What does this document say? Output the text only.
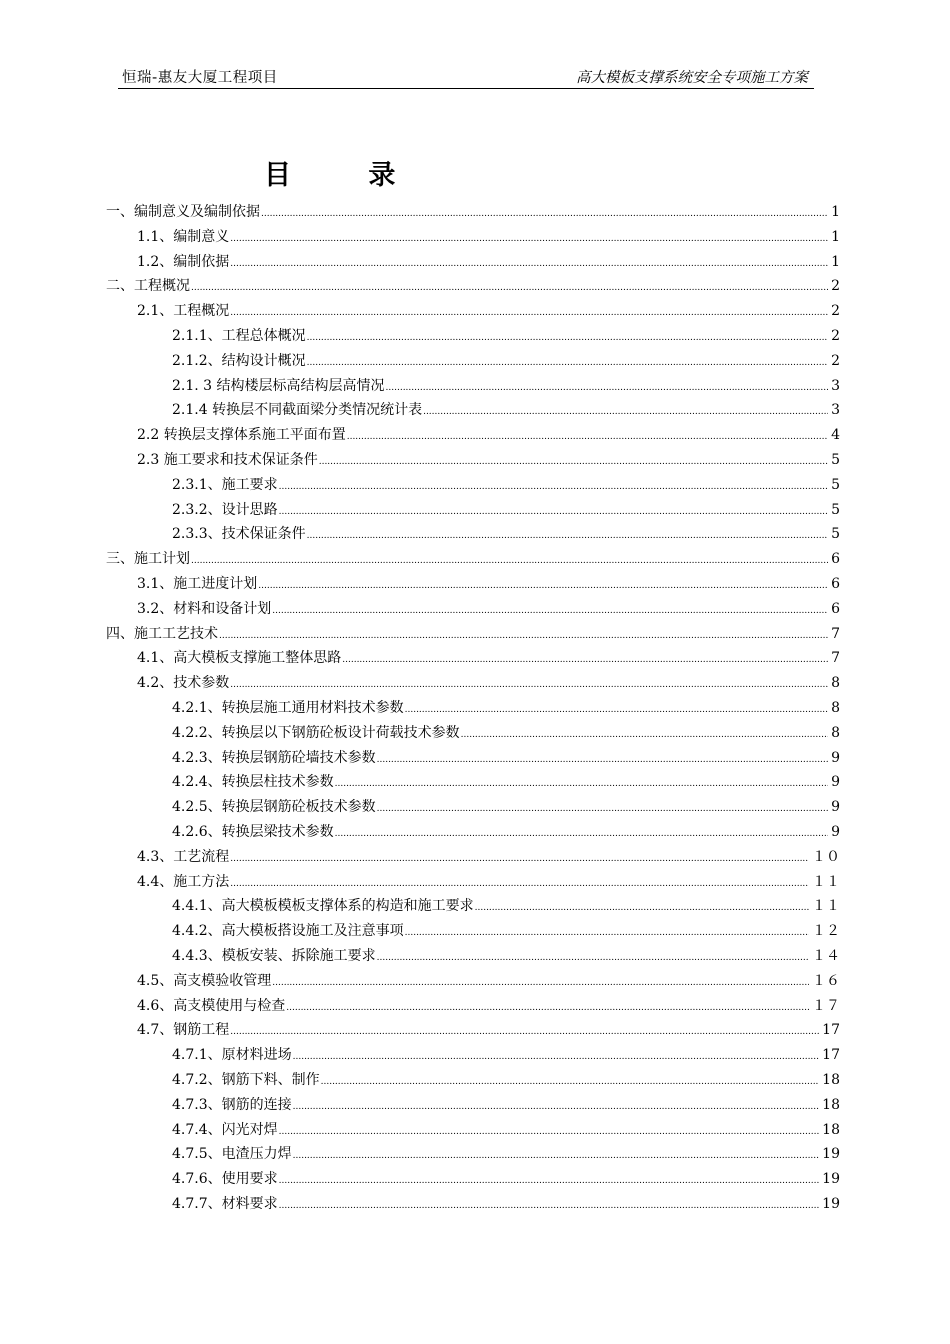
恒瑞-惠友大厦工程项目	高大模板支撑系统安全专项施工方案
目 录
一、编制意义及编制依据 .....	1
1.1、编制意义 .....	1
1.2、编制依据 .....	1
二、工程概况 .....	2
2.1、工程概况 .....	2
2.1.1、工程总体概况 .....	2
2.1.2、结构设计概况 .....	2
2.1. 3 结构楼层标高结构层高情况 .....	3
2.1.4 转换层不同截面梁分类情况统计表 .....	3
2.2 转换层支撑体系施工平面布置 .....	4
2.3 施工要求和技术保证条件 .....	5
2.3.1、施工要求 .....	5
2.3.2、设计思路 .....	5
2.3.3、技术保证条件 .....	5
三、施工计划 .....	6
3.1、施工进度计划 .....	6
3.2、材料和设备计划 .....	6
四、施工工艺技术 .....	7
4.1、高大模板支撑施工整体思路 .....	7
4.2、技术参数 .....	8
4.2.1、转换层施工通用材料技术参数 .....	8
4.2.2、转换层以下钢筋砼板设计荷载技术参数 .....	8
4.2.3、转换层钢筋砼墙技术参数 .....	9
4.2.4、转换层柱技术参数 .....	9
4.2.5、转换层钢筋砼板技术参数 .....	9
4.2.6、转换层梁技术参数 .....	9
4.3、工艺流程 .....	１０
4.4、施工方法 .....	１１
4.4.1、高大模板模板支撑体系的构造和施工要求 .....	１１
4.4.2、高大模板搭设施工及注意事项 .....	１２
4.4.3、模板安装、拆除施工要求 .....	１４
4.5、高支模验收管理 .....	１６
4.6、高支模使用与检查 .....	１７
4.7、钢筋工程 .....	17
4.7.1、原材料进场 .....	17
4.7.2、钢筋下料、制作 .....	18
4.7.3、钢筋的连接 .....	18
4.7.4、闪光对焊 .....	18
4.7.5、电渣压力焊 .....	19
4.7.6、使用要求 .....	19
4.7.7、材料要求 .....	19
